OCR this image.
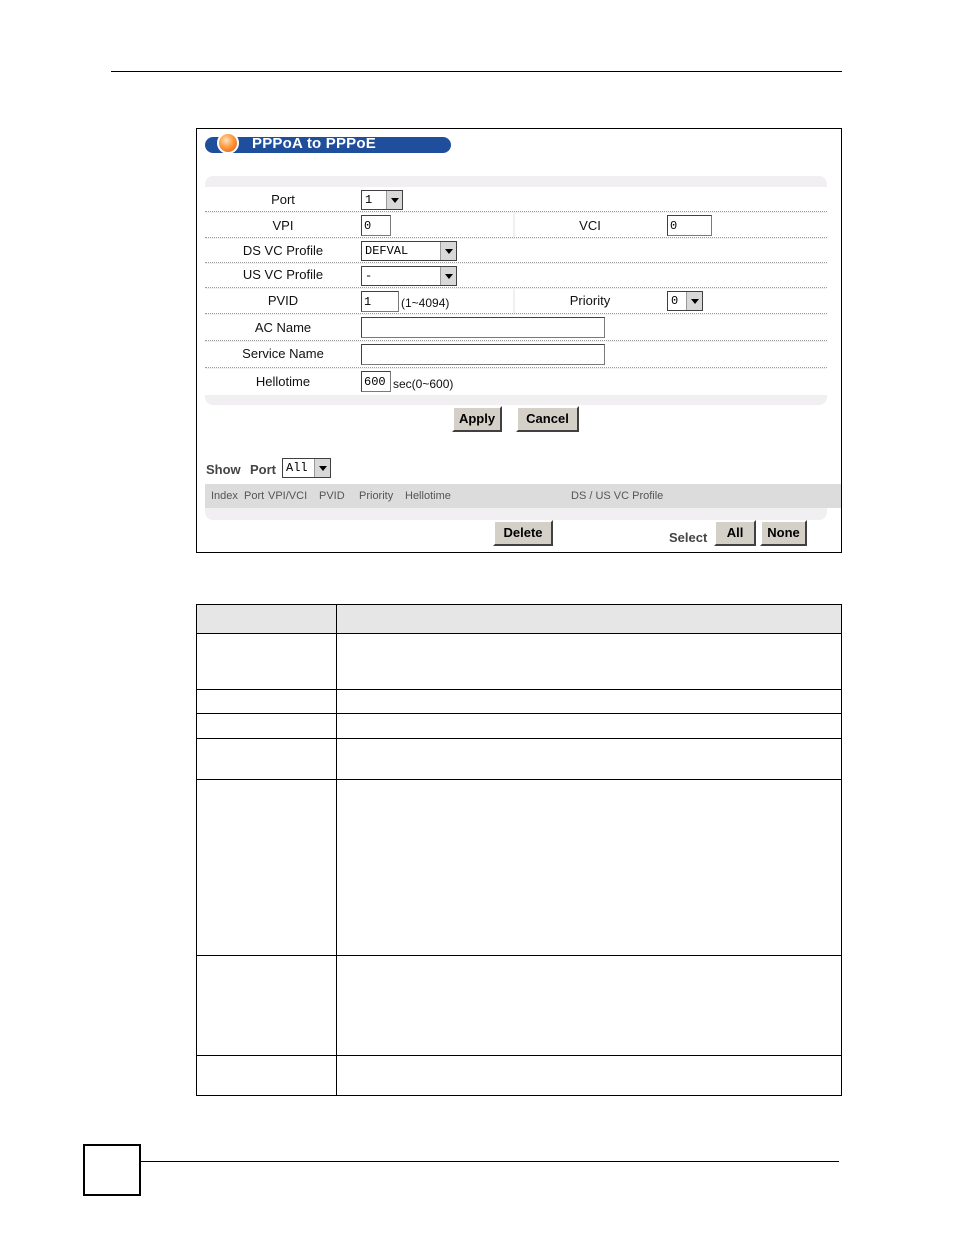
PPPoA to PPPoE
Port	1
VPI	0	VCI	0
DS VC Profile	DEFVAL
US VC Profile	-
PVID	1	(1~4094)	Priority	0
AC Name
Service Name
Hellotime	600 sec(0~600)
Apply	Cancel
Show Port All
Index Port VPI/VCI PVID Priority Hellotime	DS / US VC Profile
Delete	Select	All	None
